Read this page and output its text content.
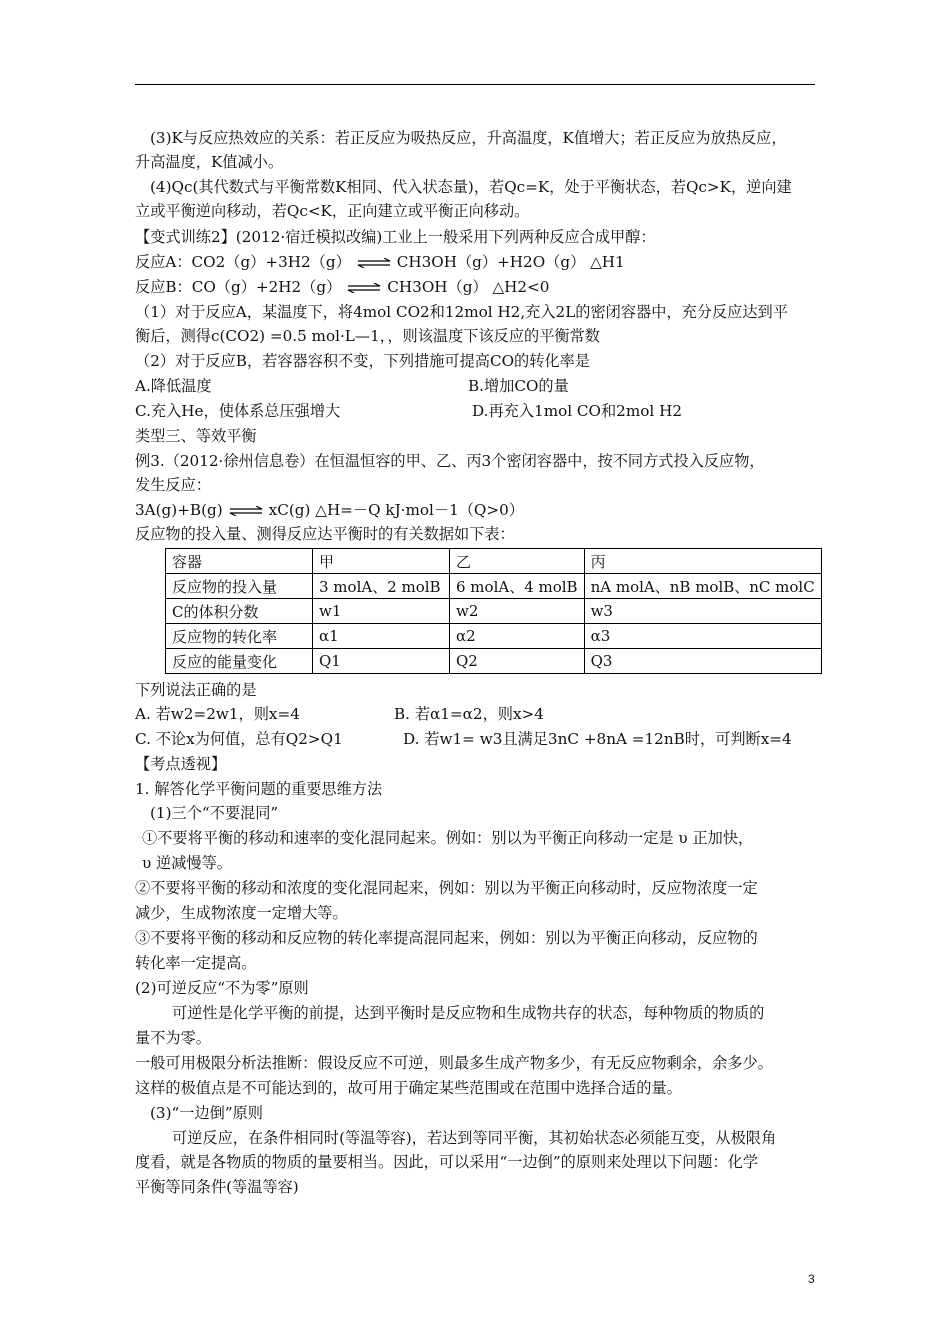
(3)K与反应热效应的关系：若正反应为吸热反应，升高温度，K值增大；若正反应为放热反应，
升高温度，K值减小。
(4)Qc(其代数式与平衡常数K相同、代入状态量)，若Qc=K，处于平衡状态，若Qc>K，逆向建
立或平衡逆向移动，若Qc<K，正向建立或平衡正向移动。
【变式训练2】(2012·宿迁模拟改编)工业上一般采用下列两种反应合成甲醇：
反应A：CO2（g）+3H2（g） ⇌ CH3OH（g）+H2O（g） △H1
反应B：CO（g）+2H2（g） ⇌ CH3OH（g） △H2<0
（1）对于反应A，某温度下，将4mol CO2和12mol H2,充入2L的密闭容器中，充分反应达到平
衡后，测得c(CO2) =0.5 mol·L—1，，则该温度下该反应的平衡常数
（2）对于反应B，若容器容积不变，下列措施可提高CO的转化率是
A.降低温度	B.增加CO的量
C.充入He，使体系总压强增大	D.再充入1mol CO和2mol H2
类型三、等效平衡
例3.（2012·徐州信息卷）在恒温恒容的甲、乙、丙3个密闭容器中，按不同方式投入反应物，
发生反应：
3A(g)+B(g) ⇌ xC(g) △H=－Q kJ·mol－1（Q>0）
反应物的投入量、测得反应达平衡时的有关数据如下表：
容器	甲	乙	丙
反应物的投入量	3 molA、2 molB	6 molA、4 molB	nA molA、nB molB、nC molC
C的体积分数	w1	w2	w3
反应物的转化率	α1	α2	α3
反应的能量变化	Q1	Q2	Q3
下列说法正确的是
A. 若w2=2w1，则x=4	B. 若α1=α2，则x>4
C. 不论x为何值，总有Q2>Q1	D. 若w1= w3且满足3nC +8nA =12nB时，可判断x=4
【考点透视】
1. 解答化学平衡问题的重要思维方法
(1)三个“不要混同”
①不要将平衡的移动和速率的变化混同起来。例如：别以为平衡正向移动一定是 υ 正加快，
υ 逆减慢等。
②不要将平衡的移动和浓度的变化混同起来，例如：别以为平衡正向移动时，反应物浓度一定
减少，生成物浓度一定增大等。
③不要将平衡的移动和反应物的转化率提高混同起来，例如：别以为平衡正向移动，反应物的
转化率一定提高。
(2)可逆反应“不为零”原则
可逆性是化学平衡的前提，达到平衡时是反应物和生成物共存的状态，每种物质的物质的
量不为零。
一般可用极限分析法推断：假设反应不可逆，则最多生成产物多少，有无反应物剩余，余多少。
这样的极值点是不可能达到的，故可用于确定某些范围或在范围中选择合适的量。
(3)“一边倒”原则
可逆反应，在条件相同时(等温等容)，若达到等同平衡，其初始状态必须能互变，从极限角
度看，就是各物质的物质的量要相当。因此，可以采用“一边倒”的原则来处理以下问题：化学
平衡等同条件(等温等容)
3
